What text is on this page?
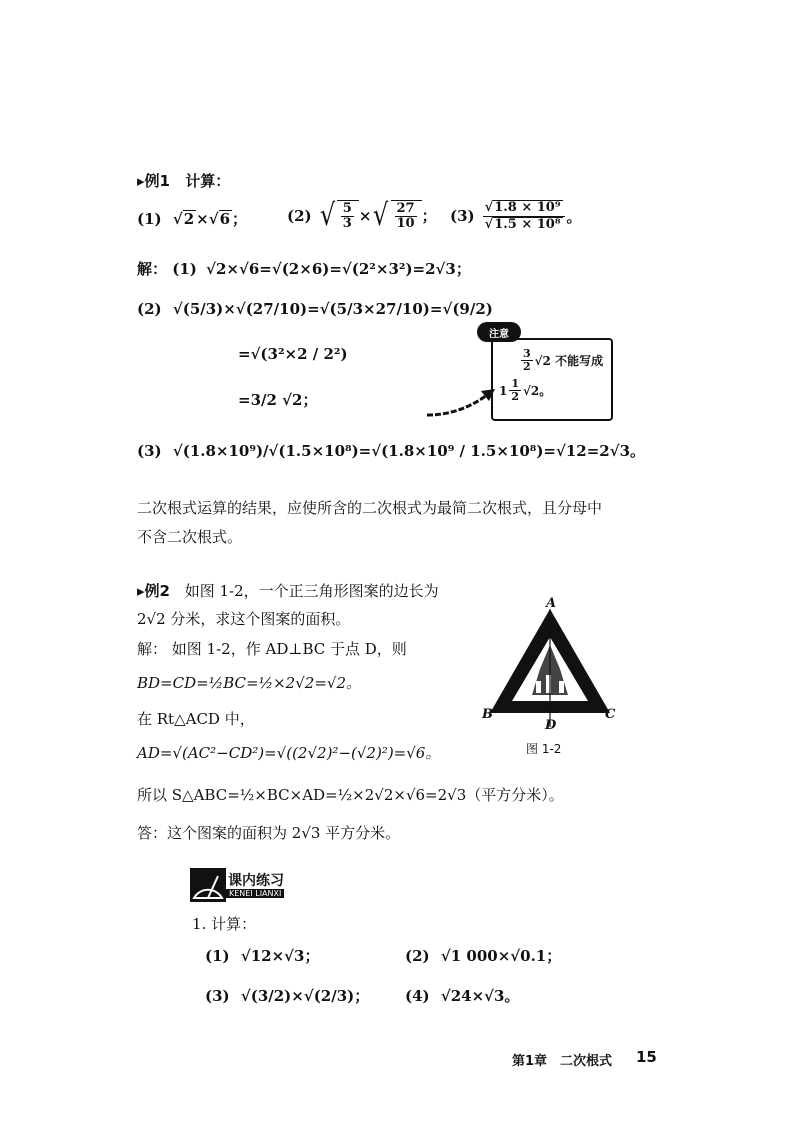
▸例1 计算：
(1) √2 ×√6 ；	(2) √ $\frac{5}{3}$ × √ $\frac{27}{10}$ ； $(3) \frac{\text{√1.8 × 10⁹}}{\text{√1.5 × 10⁸}}$ 。
解： (1) √2×√6=√(2×6)=√(2²×3²)=2√3；
(2) √(5/3)×√(27/10)=√(5/3×27/10)=√(9/2)
=√(3²×2 / 2²)
=3/2 √2；
(3) √(1.8×10⁹)/√(1.5×10⁸)=√(1.8×10⁹ / 1.5×10⁸)=√12=2√3。
$\frac{3}{2} √2$ 不能写成
$1 \frac{1}{2} √2$。
注意
二次根式运算的结果，应使所含的二次根式为最简二次根式，且分母中
不含二次根式。
▸例2 如图 1-2，一个正三角形图案的边长为
2√2 分米，求这个图案的面积。
解： 如图 1-2，作 AD⊥BC 于点 D，则
BD=CD=½BC=½×2√2=√2。
在 Rt△ACD 中，
AD=√(AC²−CD²)=√((2√2)²−(√2)²)=√6。
所以 S△ABC=½×BC×AD=½×2√2×√6=2√3（平方分米）。
答：这个图案的面积为 2√3 平方分米。
A
B	C
D
图 1-2
课内练习
KENEI LIANXI
1. 计算：
(1) √12×√3；	(2) √1 000×√0.1；
(3) √(3/2)×√(2/3)； (4) √24×√3。
第1章　二次根式 15
